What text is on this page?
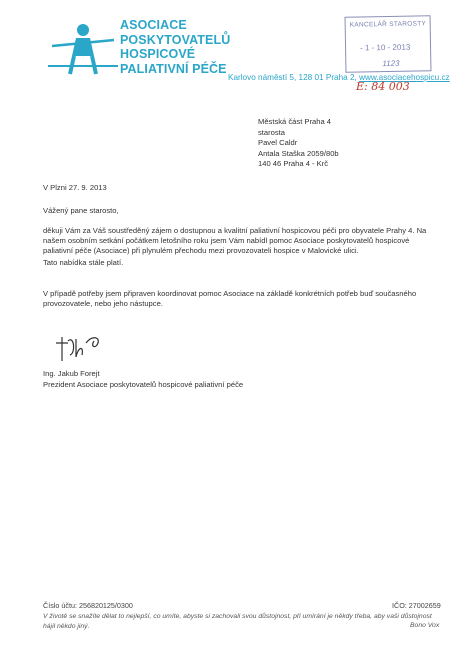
ASOCIACE
POSKYTOVATELŮ
HOSPICOVÉ
PALIATIVNÍ PÉČE
Karlovo náměstí 5, 128 01 Praha 2, www.asociacehospicu.cz
KANCELÁŘ STAROSTY
- 1 - 10 - 2013
1123
E: 84 003
Městská část Praha 4
starosta
Pavel Caldr
Antala Staška 2059/80b
140 46 Praha 4 - Krč
V Plzni 27. 9. 2013
Vážený pane starosto,
děkuji Vám za Váš soustředěný zájem o dostupnou a kvalitní paliativní hospicovou péči pro obyvatele Prahy 4. Na našem osobním setkání počátkem letošního roku jsem Vám nabídl pomoc Asociace poskytovatelů hospicové paliativní péče (Asociace) při plynulém přechodu mezi provozovateli hospice v Malovické ulici.
Tato nabídka stále platí.
V případě potřeby jsem připraven koordinovat pomoc Asociace na základě konkrétních potřeb buď současného provozovatele, nebo jeho nástupce.
Ing. Jakub Forejt
Prezident Asociace poskytovatelů hospicové paliativní péče
Číslo účtu: 256820125/0300	IČO: 27002659
V životě se snažíte dělat to nejlepší, co umíte, abyste si zachovali svou důstojnost, při umírání je někdy třeba, aby vaši důstojnost hájil někdo jiný.	Bono Vox
